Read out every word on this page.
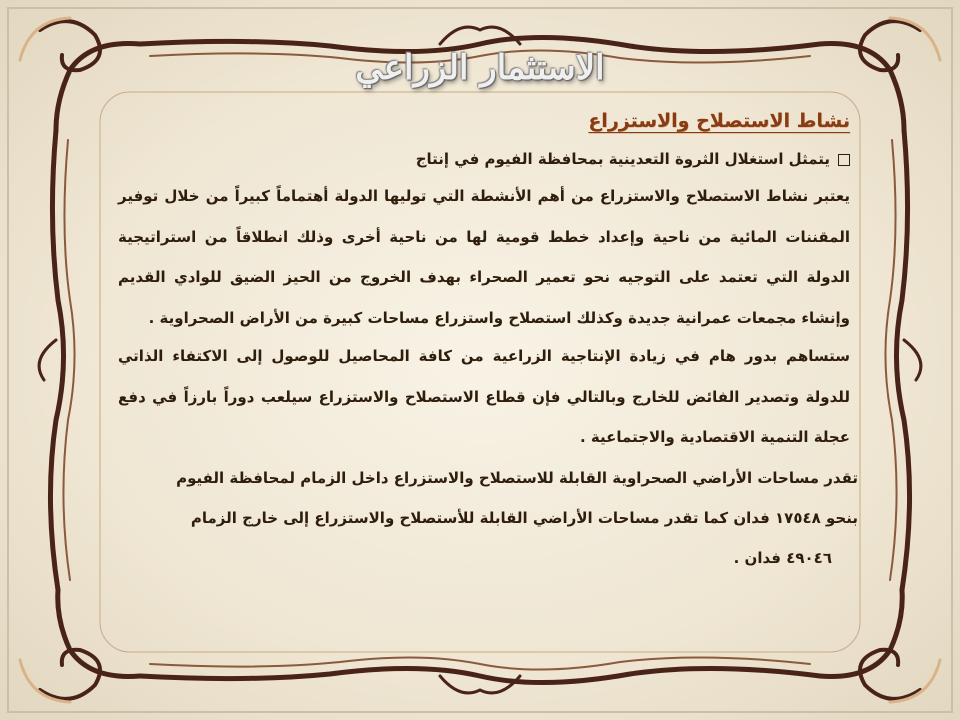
الاستثمار الزراعي
نشاط الاستصلاح والاستزراع
يتمثل استغلال الثروة التعدينية بمحافظة الفيوم في إنتاج

يعتبر نشاط الاستصلاح والاستزراع من أهم الأنشطة التي توليها الدولة أهتماماً كبيراً من خلال توفير المقننات المائية من ناحية وإعداد خطط قومية لها من ناحية أخرى وذلك انطلاقاً من استراتيجية الدولة التي تعتمد على التوجيه نحو تعمير الصحراء بهدف الخروج من الحيز الضيق للوادي القديم وإنشاء مجمعات عمرانية جديدة وكذلك استصلاح واستزراع مساحات كبيرة من الأراض الصحراوية .

ستساهم بدور هام في زيادة الإنتاجية الزراعية من كافة المحاصيل للوصول إلى الاكتفاء الذاتي للدولة وتصدير الفائض للخارج وبالتالي فإن قطاع الاستصلاح والاستزراع سيلعب دوراً بارزاً في دفع عجلة التنمية الاقتصادية والاجتماعية .

تقدر مساحات الأراضي الصحراوية القابلة للاستصلاح والاستزراع داخل الزمام لمحافظة الفيوم
بنحو ١٧٥٤٨ فدان كما تقدر مساحات الأراضي القابلة للأستصلاح والاستزراع إلى خارج الزمام
٤٩٠٤٦ فدان .
